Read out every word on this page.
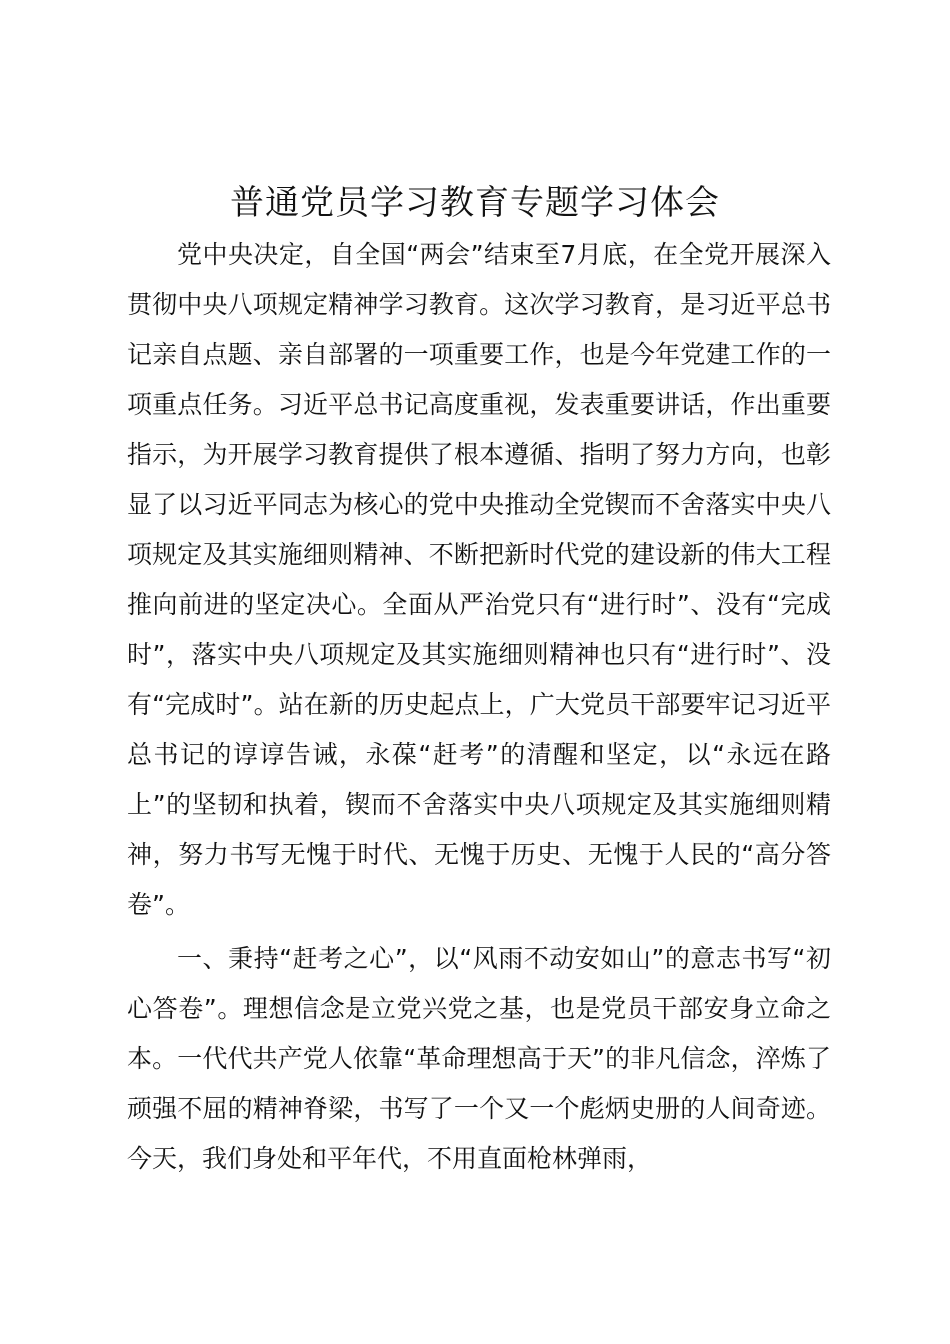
普通党员学习教育专题学习体会

党中央决定，自全国“两会”结束至7月底，在全党开展深入贯彻中央八项规定精神学习教育。这次学习教育，是习近平总书记亲自点题、亲自部署的一项重要工作，也是今年党建工作的一项重点任务。习近平总书记高度重视，发表重要讲话，作出重要指示，为开展学习教育提供了根本遵循、指明了努力方向，也彰显了以习近平同志为核心的党中央推动全党锲而不舍落实中央八项规定及其实施细则精神、不断把新时代党的建设新的伟大工程推向前进的坚定决心。全面从严治党只有“进行时”、没有“完成时”，落实中央八项规定及其实施细则精神也只有“进行时”、没有“完成时”。站在新的历史起点上，广大党员干部要牢记习近平总书记的谆谆告诫，永葆“赶考”的清醒和坚定，以“永远在路上”的坚韧和执着，锲而不舍落实中央八项规定及其实施细则精神，努力书写无愧于时代、无愧于历史、无愧于人民的“高分答卷”。

一、秉持“赶考之心”，以“风雨不动安如山”的意志书写“初心答卷”。理想信念是立党兴党之基，也是党员干部安身立命之本。一代代共产党人依靠“革命理想高于天”的非凡信念，淬炼了顽强不屈的精神脊梁，书写了一个又一个彪炳史册的人间奇迹。今天，我们身处和平年代，不用直面枪林弹雨，
